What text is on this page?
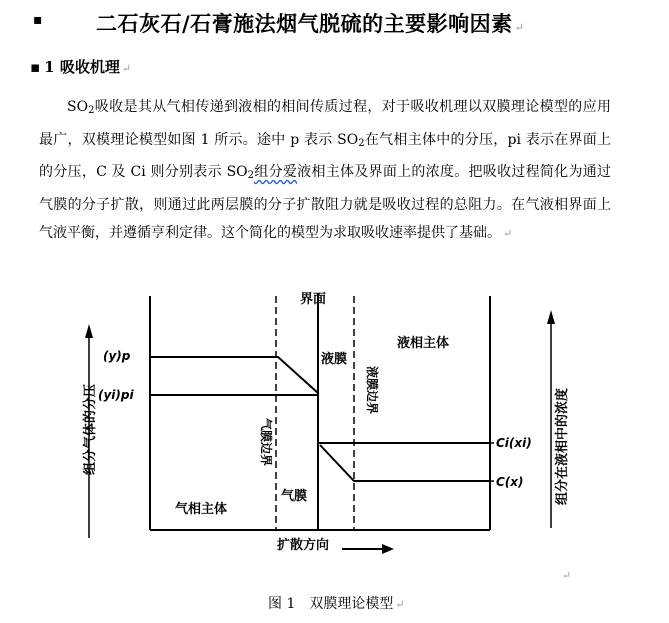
▪	二石灰石/石膏施法烟气脱硫的主要影响因素 ↵
▪ 1 吸收机理 ↵
$SO_2$吸收是其从气相传递到液相的相间传质过程，对于吸收机理以双膜理论模型的应用最广，双模理论模型如图 1 所示。途中 p 表示 $SO_2$在气相主体中的分压，pi 表示在界面上的分压，C 及 Ci 则分别表示 $SO_2$组分爱液相主体及界面上的浓度。把吸收过程简化为通过气膜的分子扩散，则通过此两层膜的分子扩散阻力就是吸收过程的总阻力。在气液相界面上气液平衡，并遵循亨利定律。这个简化的模型为求取吸收速率提供了基础。 ↵
界面
液相主体
气相主体
液膜
气膜
扩散方向
(y)p
(yi)pi
Ci(xi)
C(x)
液膜边界
气膜边界
组分气体的分压	组分在液相中的浓度
↵
图 1 双膜理论模型 ↵
